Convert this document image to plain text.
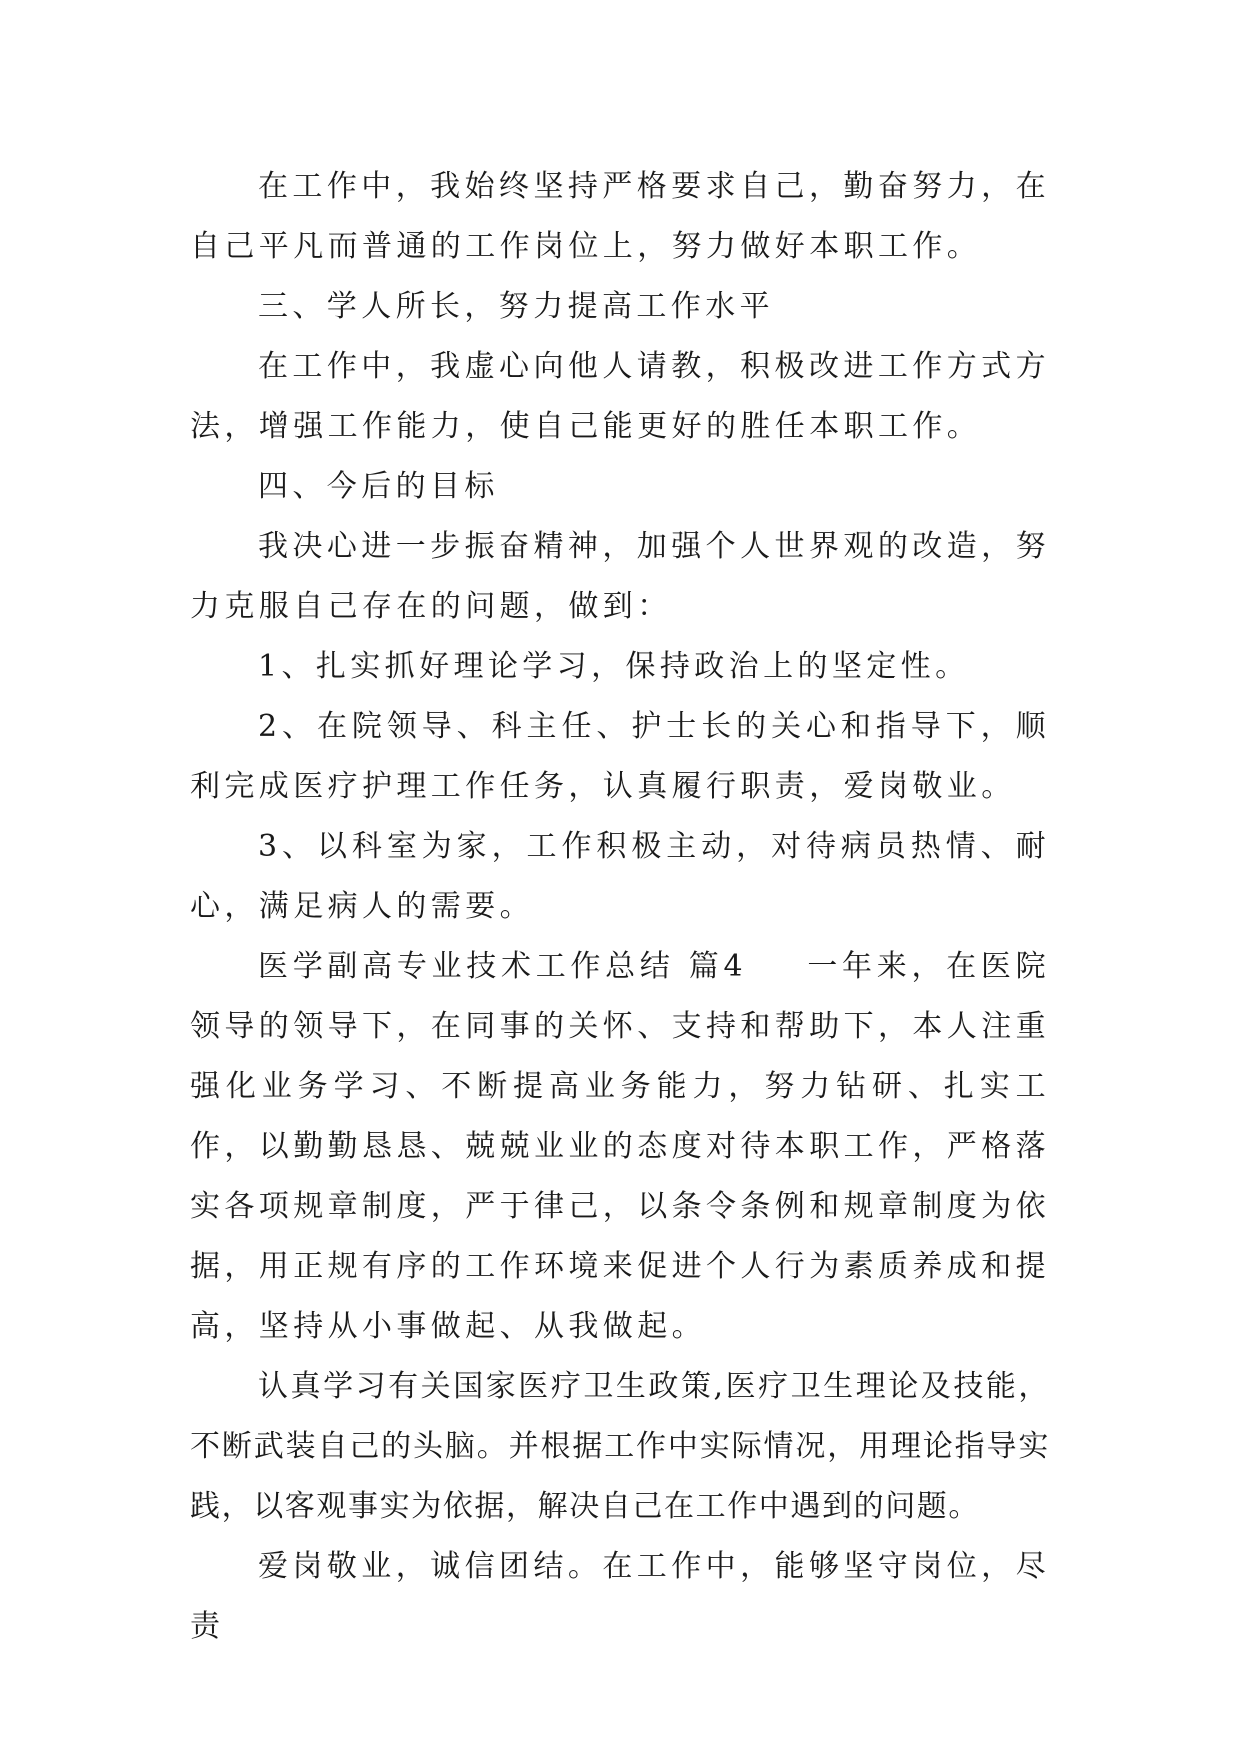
在工作中，我始终坚持严格要求自己，勤奋努力，在自己平凡而普通的工作岗位上，努力做好本职工作。

三、学人所长，努力提高工作水平

在工作中，我虚心向他人请教，积极改进工作方式方法，增强工作能力，使自己能更好的胜任本职工作。

四、今后的目标

我决心进一步振奋精神，加强个人世界观的改造，努力克服自己存在的问题，做到：

1、扎实抓好理论学习，保持政治上的坚定性。

2、在院领导、科主任、护士长的关心和指导下，顺利完成医疗护理工作任务，认真履行职责，爱岗敬业。

3、以科室为家，工作积极主动，对待病员热情、耐心，满足病人的需要。

医学副高专业技术工作总结 篇4 一年来，在医院领导的领导下，在同事的关怀、支持和帮助下，本人注重强化业务学习、不断提高业务能力，努力钻研、扎实工作，以勤勤恳恳、兢兢业业的态度对待本职工作，严格落实各项规章制度，严于律己，以条令条例和规章制度为依据，用正规有序的工作环境来促进个人行为素质养成和提高，坚持从小事做起、从我做起。

认真学习有关国家医疗卫生政策,医疗卫生理论及技能，不断武装自己的头脑。并根据工作中实际情况，用理论指导实践，以客观事实为依据，解决自己在工作中遇到的问题。

爱岗敬业，诚信团结。在工作中，能够坚守岗位，尽责
